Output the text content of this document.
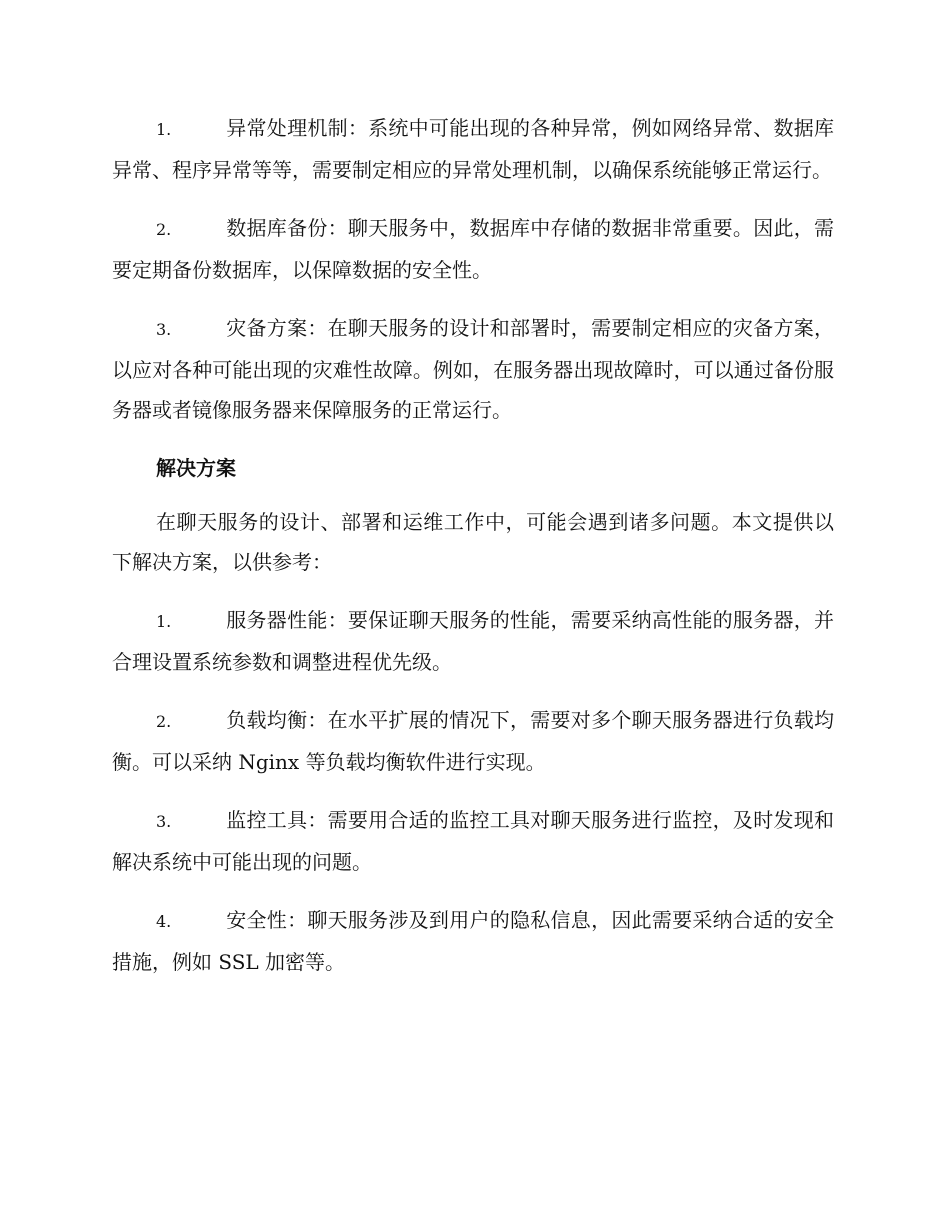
1.	异常处理机制：系统中可能出现的各种异常，例如网络异常、数据库异常、程序异常等等，需要制定相应的异常处理机制，以确保系统能够正常运行。
2.	数据库备份：聊天服务中，数据库中存储的数据非常重要。因此，需要定期备份数据库，以保障数据的安全性。
3.	灾备方案：在聊天服务的设计和部署时，需要制定相应的灾备方案，以应对各种可能出现的灾难性故障。例如，在服务器出现故障时，可以通过备份服务器或者镜像服务器来保障服务的正常运行。
解决方案
在聊天服务的设计、部署和运维工作中，可能会遇到诸多问题。本文提供以下解决方案，以供参考：
1.	服务器性能：要保证聊天服务的性能，需要采纳高性能的服务器，并合理设置系统参数和调整进程优先级。
2.	负载均衡：在水平扩展的情况下，需要对多个聊天服务器进行负载均衡。可以采纳 Nginx 等负载均衡软件进行实现。
3.	监控工具：需要用合适的监控工具对聊天服务进行监控，及时发现和解决系统中可能出现的问题。
4.	安全性：聊天服务涉及到用户的隐私信息，因此需要采纳合适的安全措施，例如 SSL 加密等。
